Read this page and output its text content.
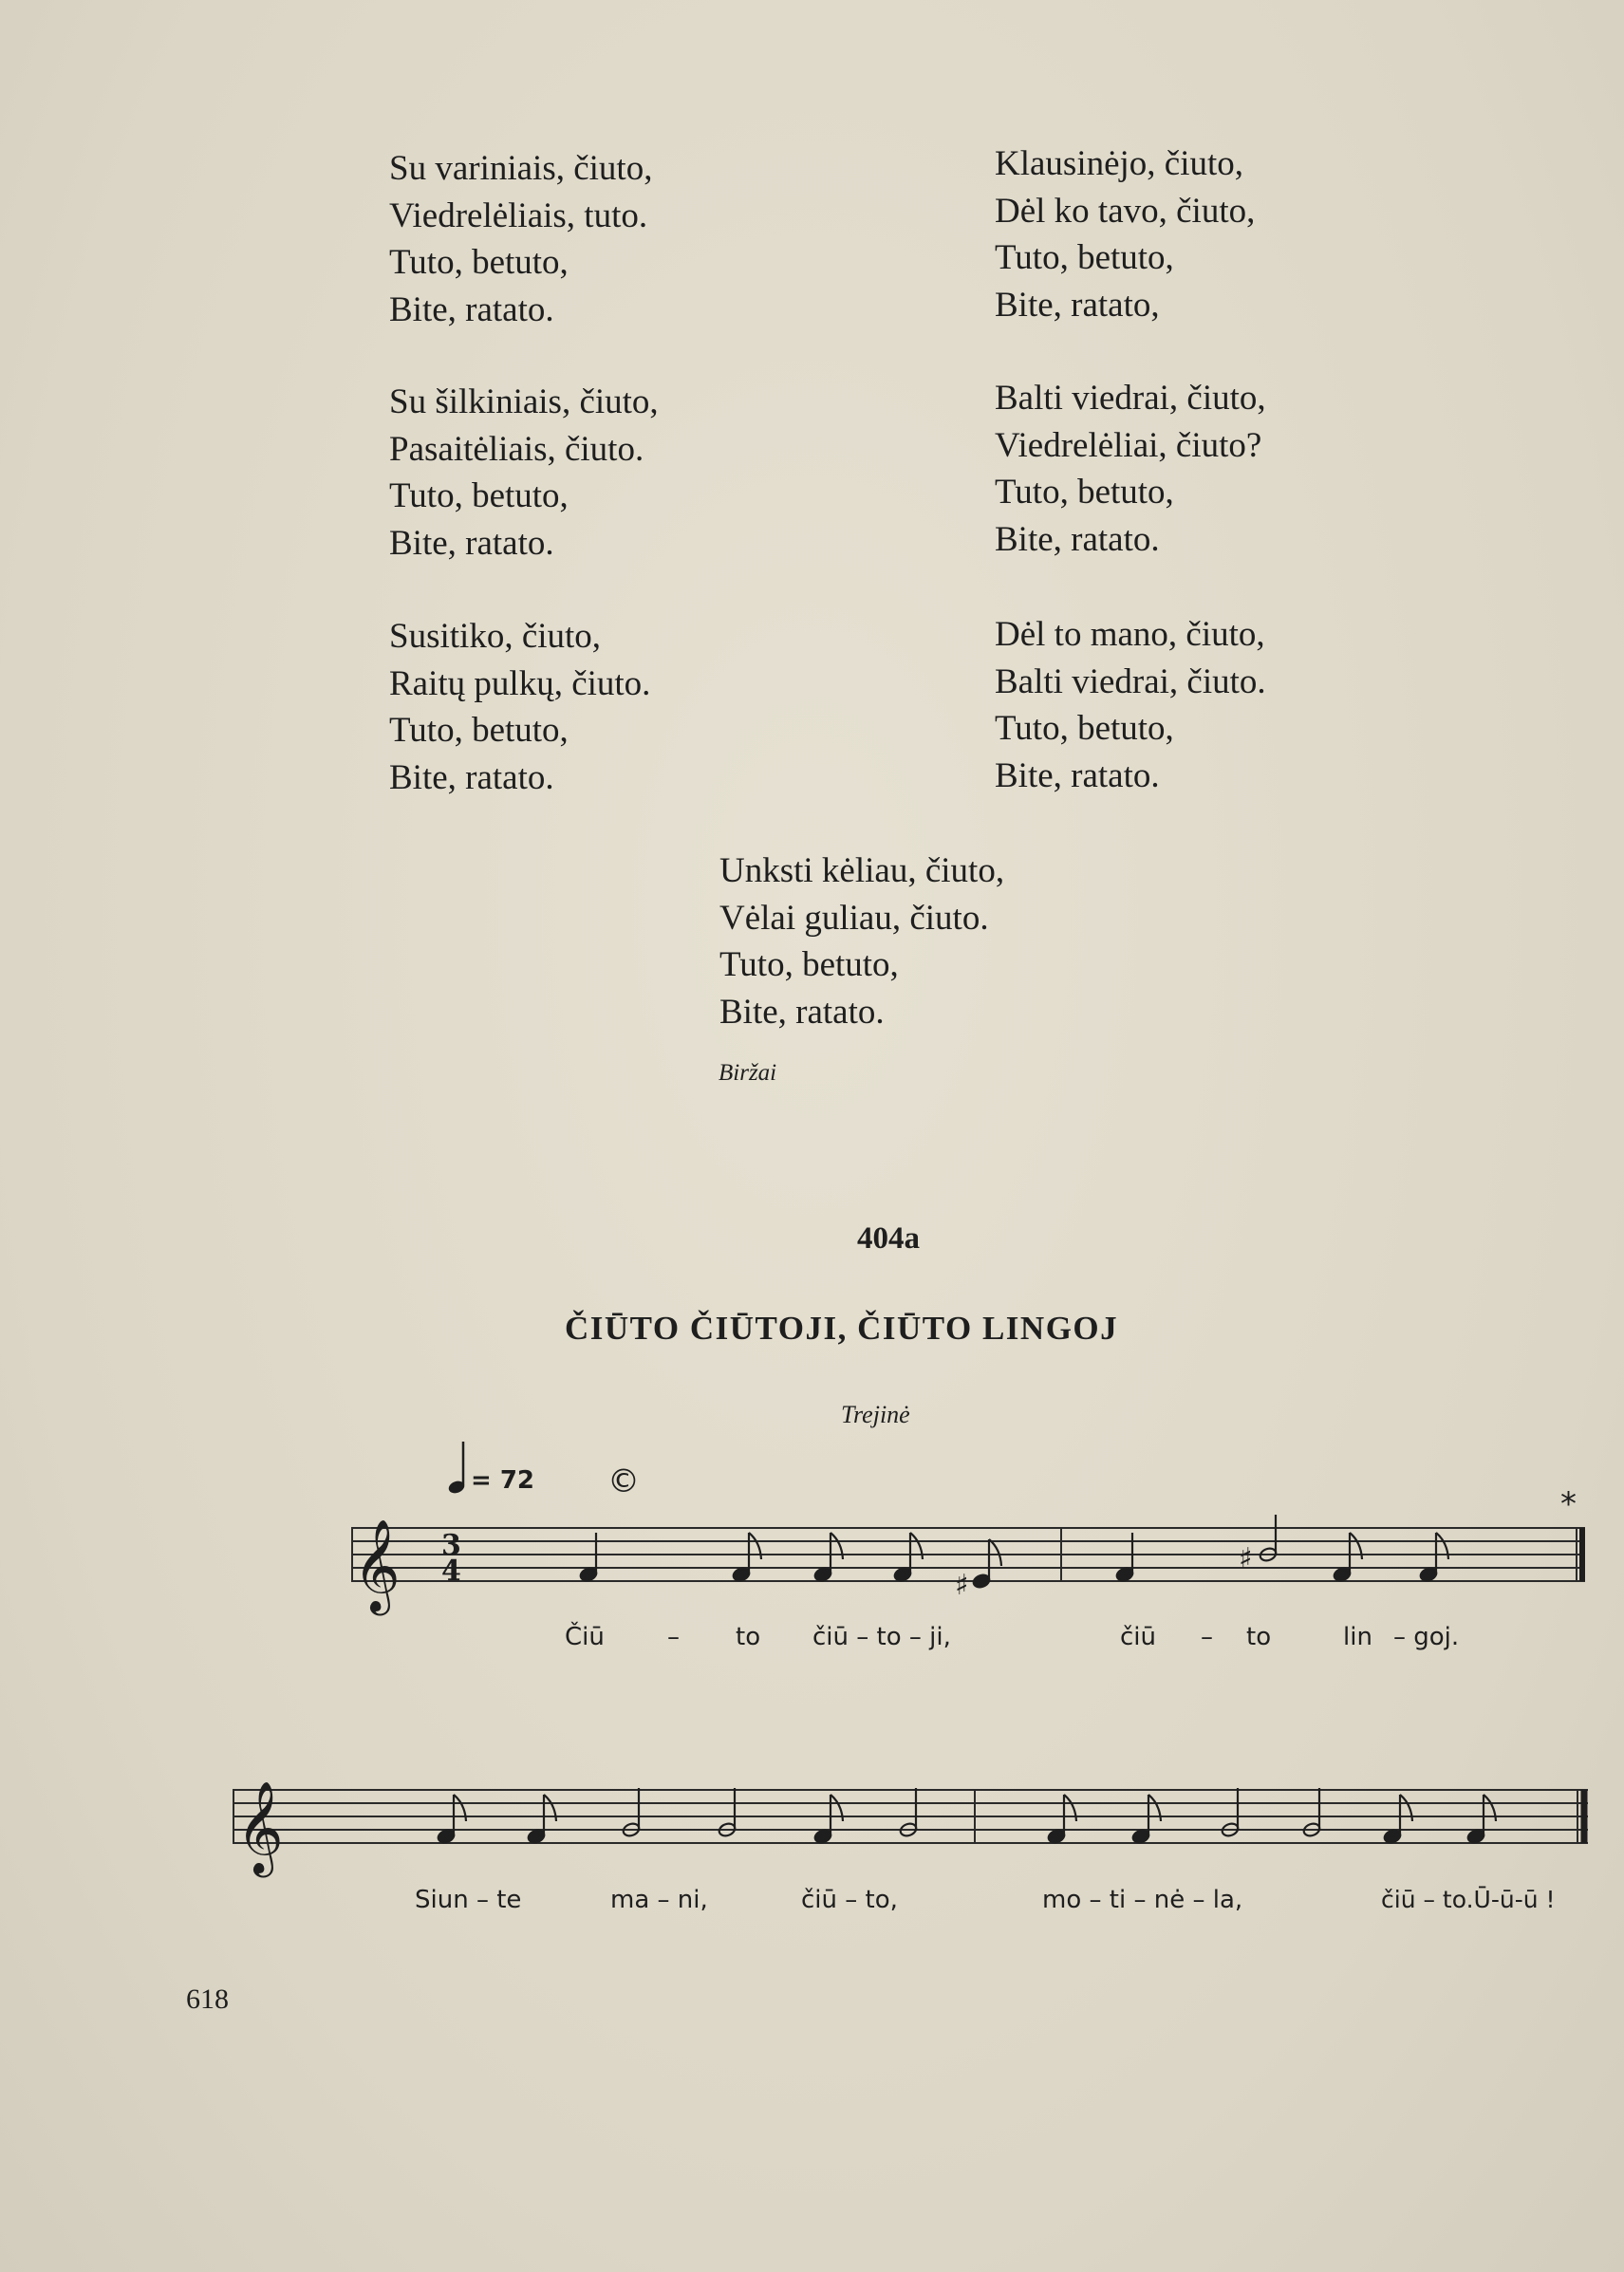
Su variniais, čiuto,
Viedrelėliais, tuto.
Tuto, betuto,
Bite, ratato.
Su šilkiniais, čiuto,
Pasaitėliais, čiuto.
Tuto, betuto,
Bite, ratato.
Susitiko, čiuto,
Raitų pulkų, čiuto.
Tuto, betuto,
Bite, ratato.
Klausinėjo, čiuto,
Dėl ko tavo, čiuto,
Tuto, betuto,
Bite, ratato,
Balti viedrai, čiuto,
Viedrelėliai, čiuto?
Tuto, betuto,
Bite, ratato.
Dėl to mano, čiuto,
Balti viedrai, čiuto.
Tuto, betuto,
Bite, ratato.
Unksti kėliau, čiuto,
Vėlai guliau, čiuto.
Tuto, betuto,
Bite, ratato.
Biržai
404a
ČIŪTO ČIŪTOJI, ČIŪTO LINGOJ
Trejinė
= 72 ©
*
𝄞 3
4	♯
♯
Čiū	– to čiū – to – ji,	čiū – to	lin – goj.
𝄞
Siun – te	ma – ni,	čiū – to,	mo – ti – nė – la,	čiū – to.Ū-ū-ū !
618
